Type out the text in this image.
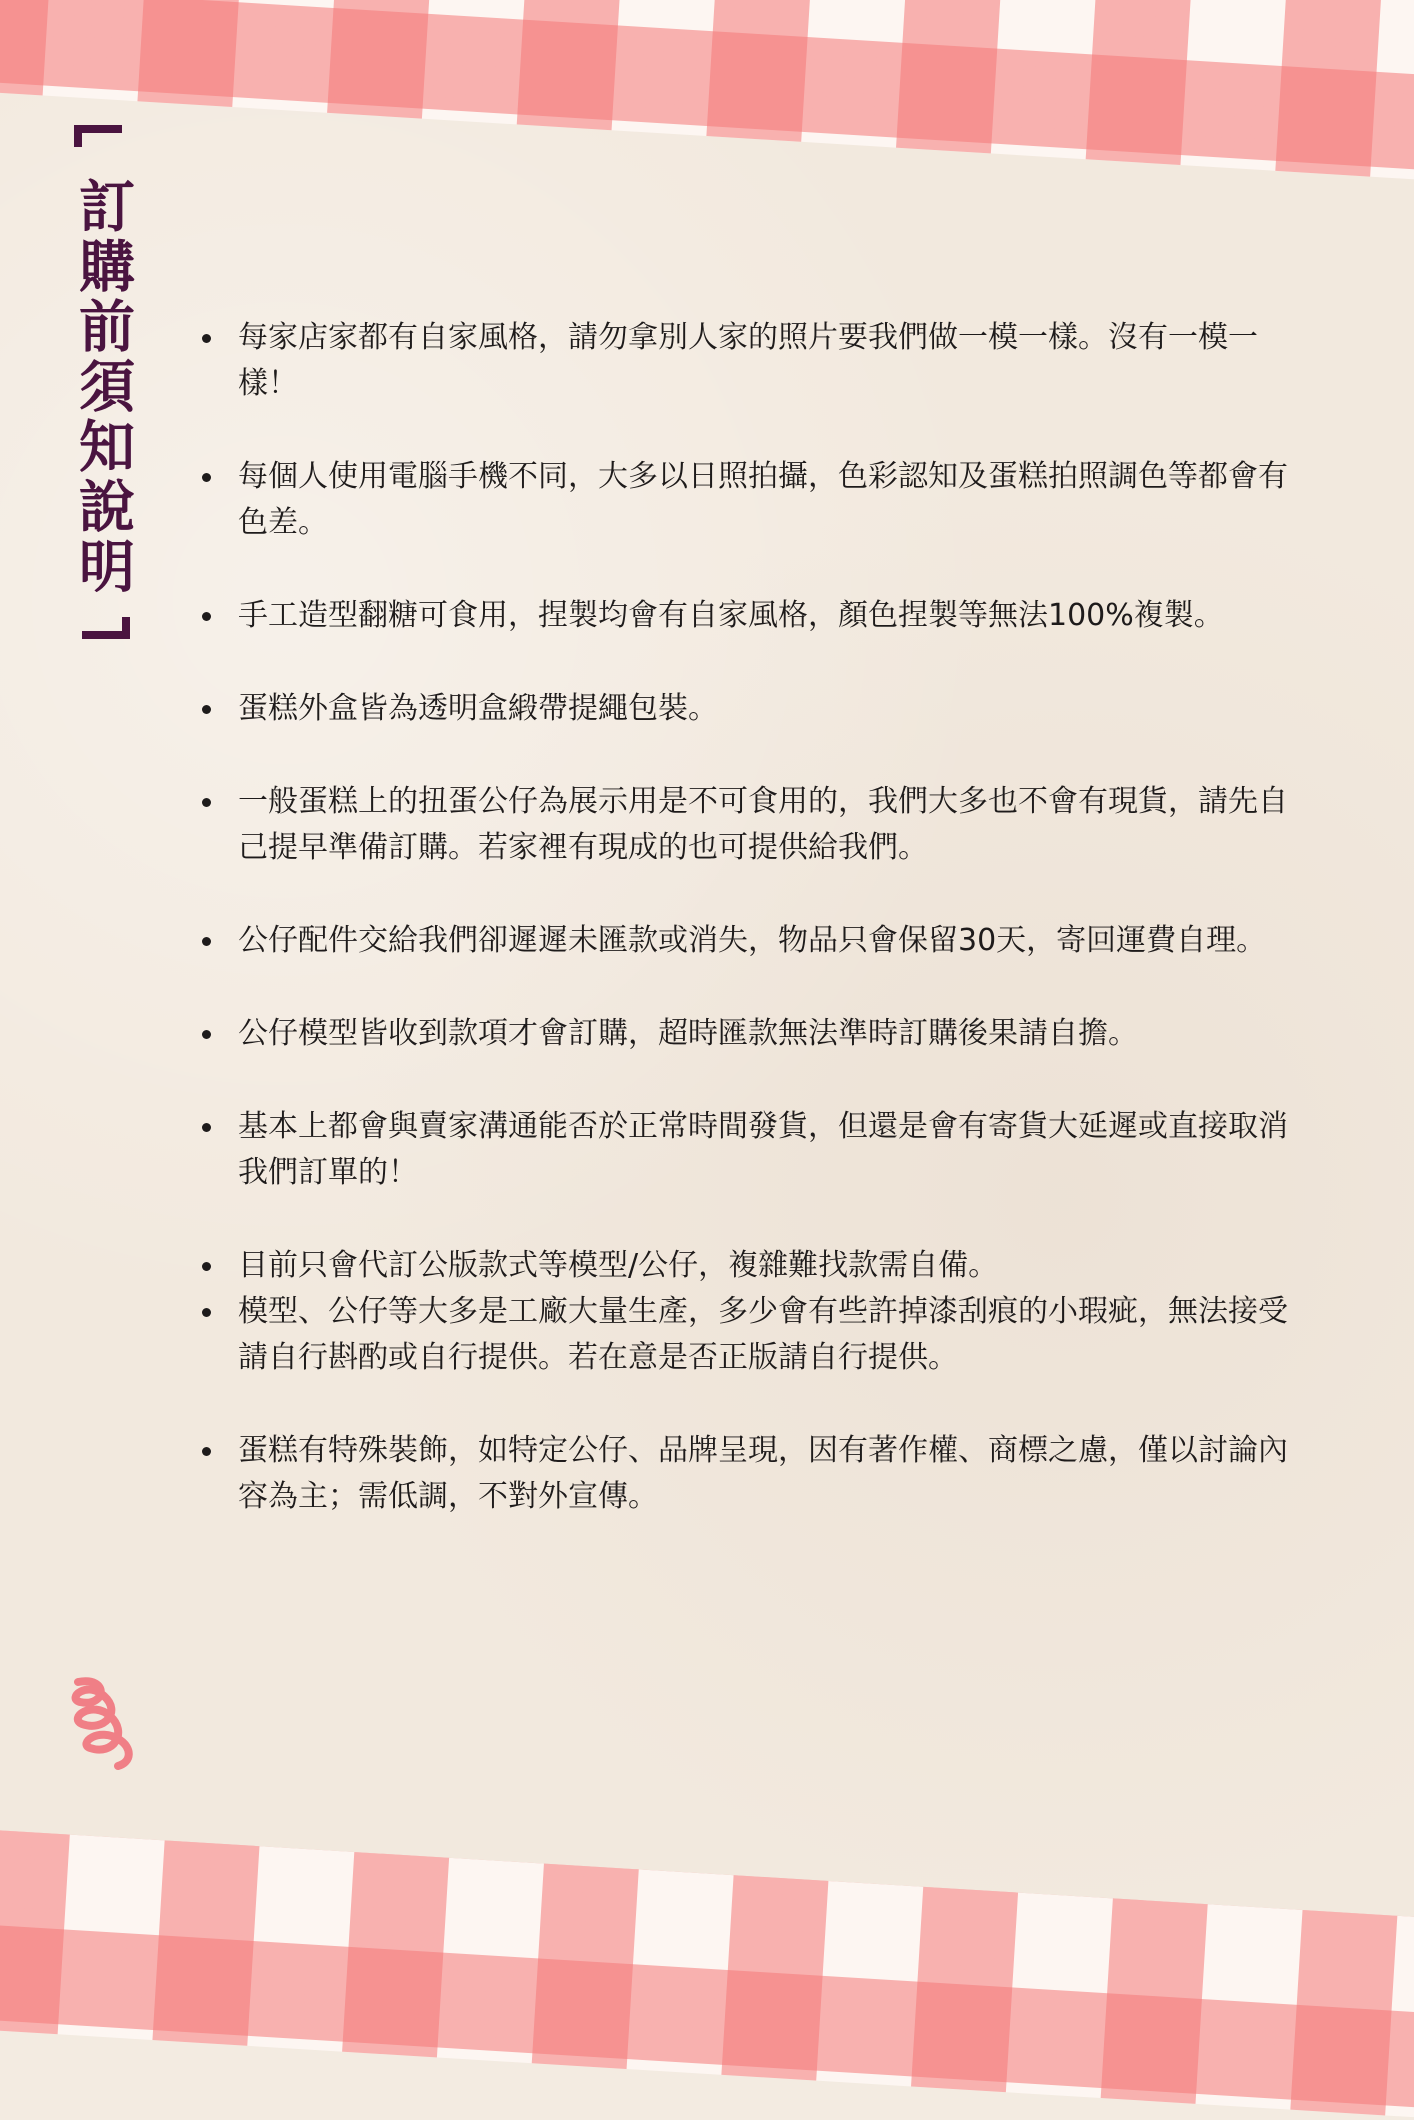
訂購前須知說明	每家店家都有自家風格，請勿拿別人家的照片要我們做一模一樣。沒有一模一樣！
每個人使用電腦手機不同，大多以日照拍攝，色彩認知及蛋糕拍照調色等都會有色差。
手工造型翻糖可食用，捏製均會有自家風格，顏色捏製等無法100%複製。
蛋糕外盒皆為透明盒緞帶提繩包裝。
一般蛋糕上的扭蛋公仔為展示用是不可食用的，我們大多也不會有現貨，請先自己提早準備訂購。若家裡有現成的也可提供給我們。
公仔配件交給我們卻遲遲未匯款或消失，物品只會保留30天，寄回運費自理。
公仔模型皆收到款項才會訂購，超時匯款無法準時訂購後果請自擔。
基本上都會與賣家溝通能否於正常時間發貨，但還是會有寄貨大延遲或直接取消我們訂單的！
目前只會代訂公版款式等模型/公仔，複雜難找款需自備。
模型、公仔等大多是工廠大量生產，多少會有些許掉漆刮痕的小瑕疵，無法接受請自行斟酌或自行提供。若在意是否正版請自行提供。
蛋糕有特殊裝飾，如特定公仔、品牌呈現，因有著作權、商標之慮，僅以討論內容為主；需低調，不對外宣傳。
